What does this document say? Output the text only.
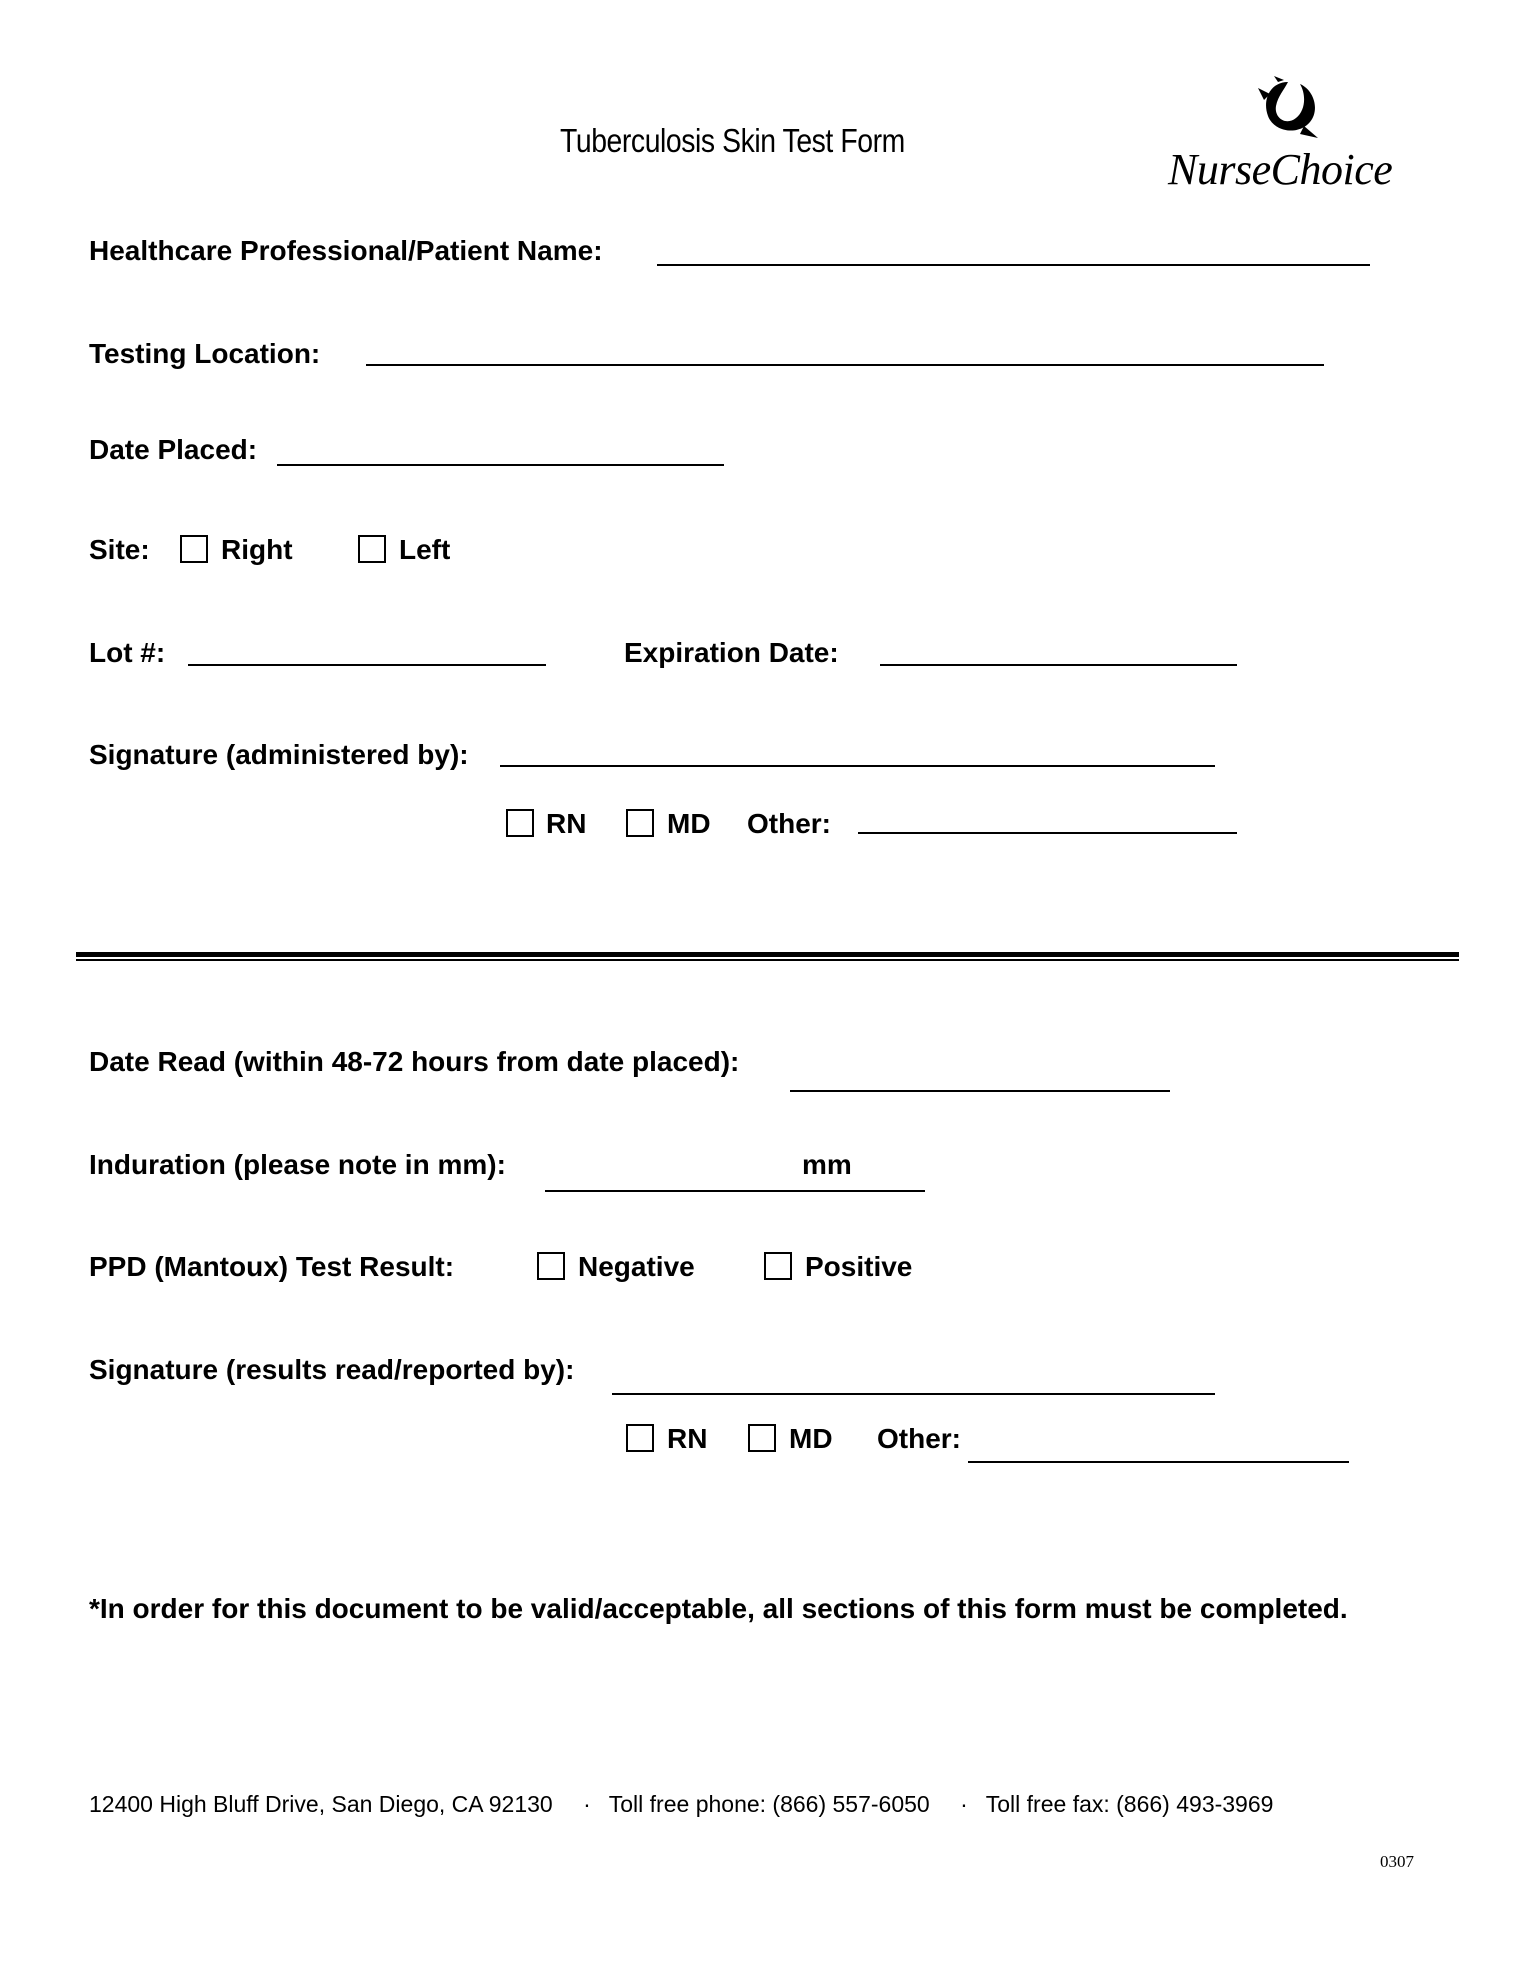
Tuberculosis Skin Test Form
NurseChoice
Healthcare Professional/Patient Name:
Testing Location:
Date Placed:
Site:	Right	Left
Lot #:	Expiration Date:
Signature (administered by):
RN	MD Other:
Date Read (within 48-72 hours from date placed):
Induration (please note in mm):	mm
PPD (Mantoux) Test Result:	Negative	Positive
Signature (results read/reported by):
RN	MD Other:
*In order for this document to be valid/acceptable, all sections of this form must be completed.
12400 High Bluff Drive, San Diego, CA 92130 · Toll free phone: (866) 557-6050 · Toll free fax: (866) 493-3969
0307
